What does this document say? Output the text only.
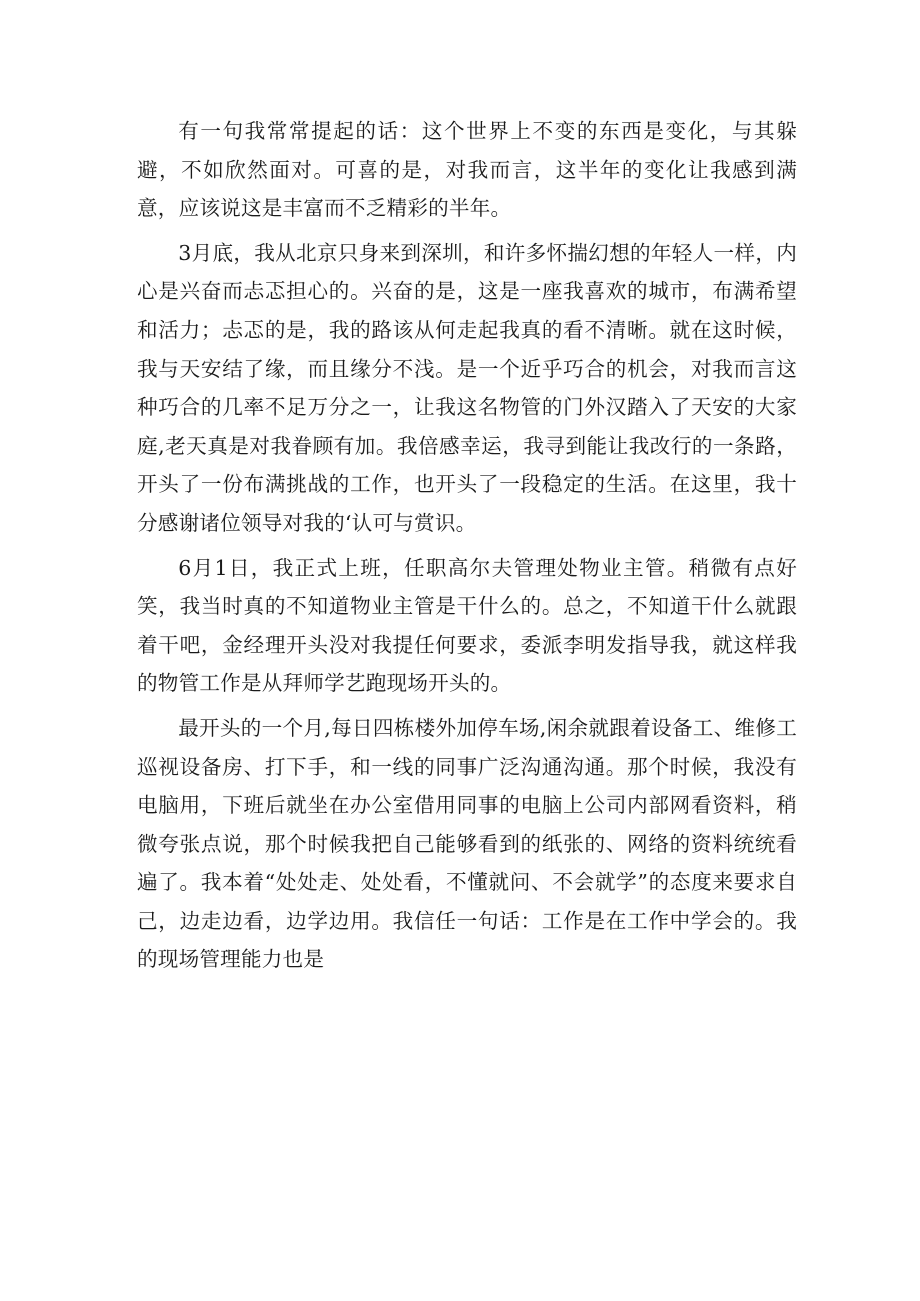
有一句我常常提起的话：这个世界上不变的东西是变化，与其躲避，不如欣然面对。可喜的是，对我而言，这半年的变化让我感到满意，应该说这是丰富而不乏精彩的半年。

3月底，我从北京只身来到深圳，和许多怀揣幻想的年轻人一样，内心是兴奋而忐忑担心的。兴奋的是，这是一座我喜欢的城市，布满希望和活力；忐忑的是，我的路该从何走起我真的看不清晰。就在这时候，我与天安结了缘，而且缘分不浅。是一个近乎巧合的机会，对我而言这种巧合的几率不足万分之一，让我这名物管的门外汉踏入了天安的大家庭,老天真是对我眷顾有加。我倍感幸运，我寻到能让我改行的一条路，开头了一份布满挑战的工作，也开头了一段稳定的生活。在这里，我十分感谢诸位领导对我的‘认可与赏识。

6月1日，我正式上班，任职高尔夫管理处物业主管。稍微有点好笑，我当时真的不知道物业主管是干什么的。总之，不知道干什么就跟着干吧，金经理开头没对我提任何要求，委派李明发指导我，就这样我的物管工作是从拜师学艺跑现场开头的。

最开头的一个月,每日四栋楼外加停车场,闲余就跟着设备工、维修工巡视设备房、打下手，和一线的同事广泛沟通沟通。那个时候，我没有电脑用，下班后就坐在办公室借用同事的电脑上公司内部网看资料，稍微夸张点说，那个时候我把自己能够看到的纸张的、网络的资料统统看遍了。我本着“处处走、处处看，不懂就问、不会就学”的态度来要求自己，边走边看，边学边用。我信任一句话：工作是在工作中学会的。我的现场管理能力也是
